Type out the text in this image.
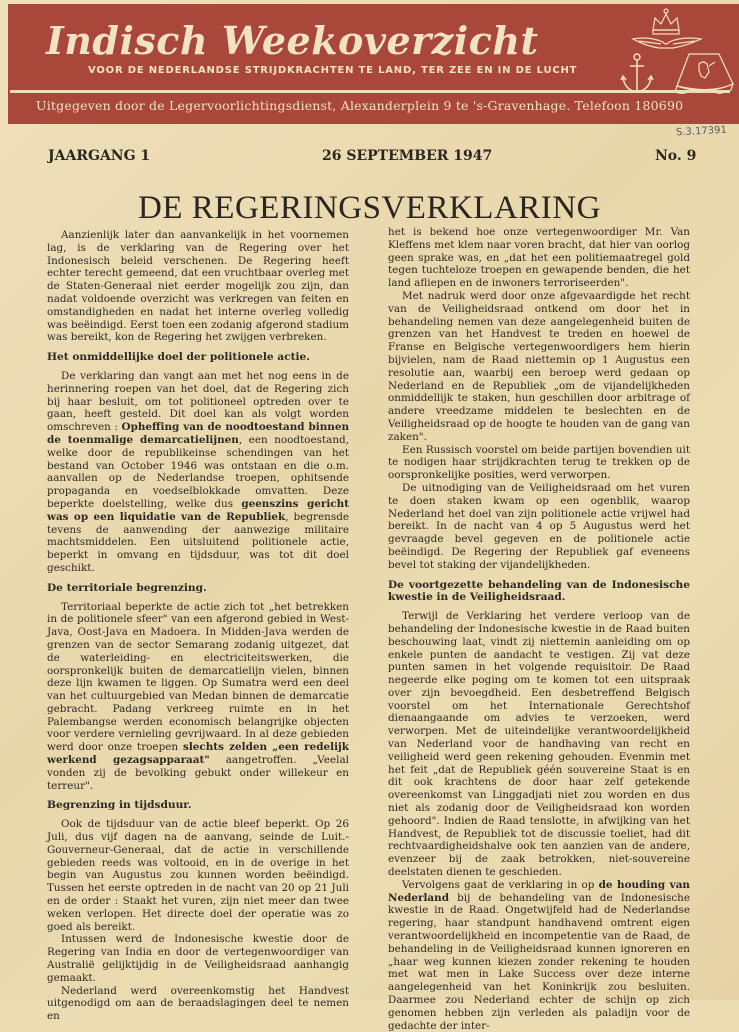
Indisch Weekoverzicht
VOOR DE NEDERLANDSE STRIJDKRACHTEN TE LAND, TER ZEE EN IN DE LUCHT
Uitgegeven door de Legervoorlichtingsdienst, Alexanderplein 9 te 's-Gravenhage. Telefoon 180690
S.3.17391
JAARGANG 1	26 SEPTEMBER 1947	No. 9
DE REGERINGSVERKLARING

Aanzienlijk later dan aanvankelijk in het voornemen lag, is de verklaring van de Regering over het Indonesisch beleid verschenen. De Regering heeft echter terecht gemeend, dat een vruchtbaar overleg met de Staten-Generaal niet eerder mogelijk zou zijn, dan nadat voldoende overzicht was verkregen van feiten en omstandigheden en nadat het interne overleg volledig was beëindigd. Eerst toen een zodanig afgerond stadium was bereikt, kon de Regering het zwijgen verbreken.

Het onmiddellijke doel der politionele actie.

De verklaring dan vangt aan met het nog eens in de herinnering roepen van het doel, dat de Regering zich bij haar besluit, om tot politioneel optreden over te gaan, heeft gesteld. Dit doel kan als volgt worden omschreven : Opheffing van de noodtoestand binnen de toenmalige demarcatielijnen, een noodtoestand, welke door de republikeinse schendingen van het bestand van October 1946 was ontstaan en die o.m. aanvallen op de Nederlandse troepen, ophitsende propaganda en voedselblokkade omvatten. Deze beperkte doelstelling, welke dus geenszins gericht was op een liquidatie van de Republiek, begrensde tevens de aanwending der aanwezige militaire machtsmiddelen. Een uitsluitend politionele actie, beperkt in omvang en tijdsduur, was tot dit doel geschikt.

De territoriale begrenzing.

Territoriaal beperkte de actie zich tot „het betrekken in de politionele sfeer" van een afgerond gebied in West-Java, Oost-Java en Madoera. In Midden-Java werden de grenzen van de sector Semarang zodanig uitgezet, dat de waterleiding- en electriciteitswerken, die oorspronkelijk buiten de demarcatielijn vielen, binnen deze lijn kwamen te liggen. Op Sumatra werd een deel van het cultuurgebied van Medan binnen de demarcatie gebracht. Padang verkreeg ruimte en in het Palembangse werden economisch belangrijke objecten voor verdere vernieling gevrijwaard. In al deze gebieden werd door onze troepen slechts zelden „een redelijk werkend gezagsapparaat" aangetroffen. „Veelal vonden zij de bevolking gebukt onder willekeur en terreur".

Begrenzing in tijdsduur.

Ook de tijdsduur van de actie bleef beperkt. Op 26 Juli, dus vijf dagen na de aanvang, seinde de Luit.-Gouverneur-Generaal, dat de actie in verschillende gebieden reeds was voltooid, en in de overige in het begin van Augustus zou kunnen worden beëindigd. Tussen het eerste optreden in de nacht van 20 op 21 Juli en de order : Staakt het vuren, zijn niet meer dan twee weken verlopen. Het directe doel der operatie was zo goed als bereikt.

Intussen werd de Indonesische kwestie door de Regering van India en door de vertegenwoordiger van Australië gelijktijdig in de Veiligheidsraad aanhangig gemaakt.

Nederland werd overeenkomstig het Handvest uitgenodigd om aan de beraadslagingen deel te nemen en

het is bekend hoe onze vertegenwoordiger Mr. Van Kleffens met klem naar voren bracht, dat hier van oorlog geen sprake was, en „dat het een politiemaatregel gold tegen tuchteloze troepen en gewapende benden, die het land afliepen en de inwoners terroriseerden".

Met nadruk werd door onze afgevaardigde het recht van de Veiligheidsraad ontkend om door het in behandeling nemen van deze aangelegenheid buiten de grenzen van het Handvest te treden en hoewel de Franse en Belgische vertegenwoordigers hem hierin bijvielen, nam de Raad niettemin op 1 Augustus een resolutie aan, waarbij een beroep werd gedaan op Nederland en de Republiek „om de vijandelijkheden onmiddellijk te staken, hun geschillen door arbitrage of andere vreedzame middelen te beslechten en de Veiligheidsraad op de hoogte te houden van de gang van zaken".

Een Russisch voorstel om beide partijen bovendien uit te nodigen haar strijdkrachten terug te trekken op de oorspronkelijke posities, werd verworpen.

De uitnodiging van de Veiligheidsraad om het vuren te doen staken kwam op een ogenblik, waarop Nederland het doel van zijn politionele actie vrijwel had bereikt. In de nacht van 4 op 5 Augustus werd het gevraagde bevel gegeven en de politionele actie beëindigd. De Regering der Republiek gaf eveneens bevel tot staking der vijandelijkheden.

De voortgezette behandeling van de Indonesische kwestie in de Veiligheidsraad.

Terwijl de Verklaring het verdere verloop van de behandeling der Indonesische kwestie in de Raad buiten beschouwing laat, vindt zij niettemin aanleiding om op enkele punten de aandacht te vestigen. Zij vat deze punten samen in het volgende requisitoir. De Raad negeerde elke poging om te komen tot een uitspraak over zijn bevoegdheid. Een desbetreffend Belgisch voorstel om het Internationale Gerechtshof dienaangaande om advies te verzoeken, werd verworpen. Met de uiteindelijke verantwoordelijkheid van Nederland voor de handhaving van recht en veiligheid werd geen rekening gehouden. Evenmin met het feit „dat de Republiek géén souvereine Staat is en dit ook krachtens de door haar zelf getekende overeenkomst van Linggadjati niet zou worden en dus niet als zodanig door de Veiligheidsraad kon worden gehoord". Indien de Raad tenslotte, in afwijking van het Handvest, de Republiek tot de discussie toeliet, had dit rechtvaardigheidshalve ook ten aanzien van de andere, evenzeer bij de zaak betrokken, niet-souvereine deelstaten dienen te geschieden.

Vervolgens gaat de verklaring in op de houding van Nederland bij de behandeling van de Indonesische kwestie in de Raad. Ongetwijfeld had de Nederlandse regering, haar standpunt handhavend omtrent eigen verantwoordelijkheid en incompetentie van de Raad, de behandeling in de Veiligheidsraad kunnen ignoreren en „haar weg kunnen kiezen zonder rekening te houden met wat men in Lake Success over deze interne aangelegenheid van het Koninkrijk zou besluiten. Daarmee zou Nederland echter de schijn op zich genomen hebben zijn verleden als paladijn voor de gedachte der inter-
